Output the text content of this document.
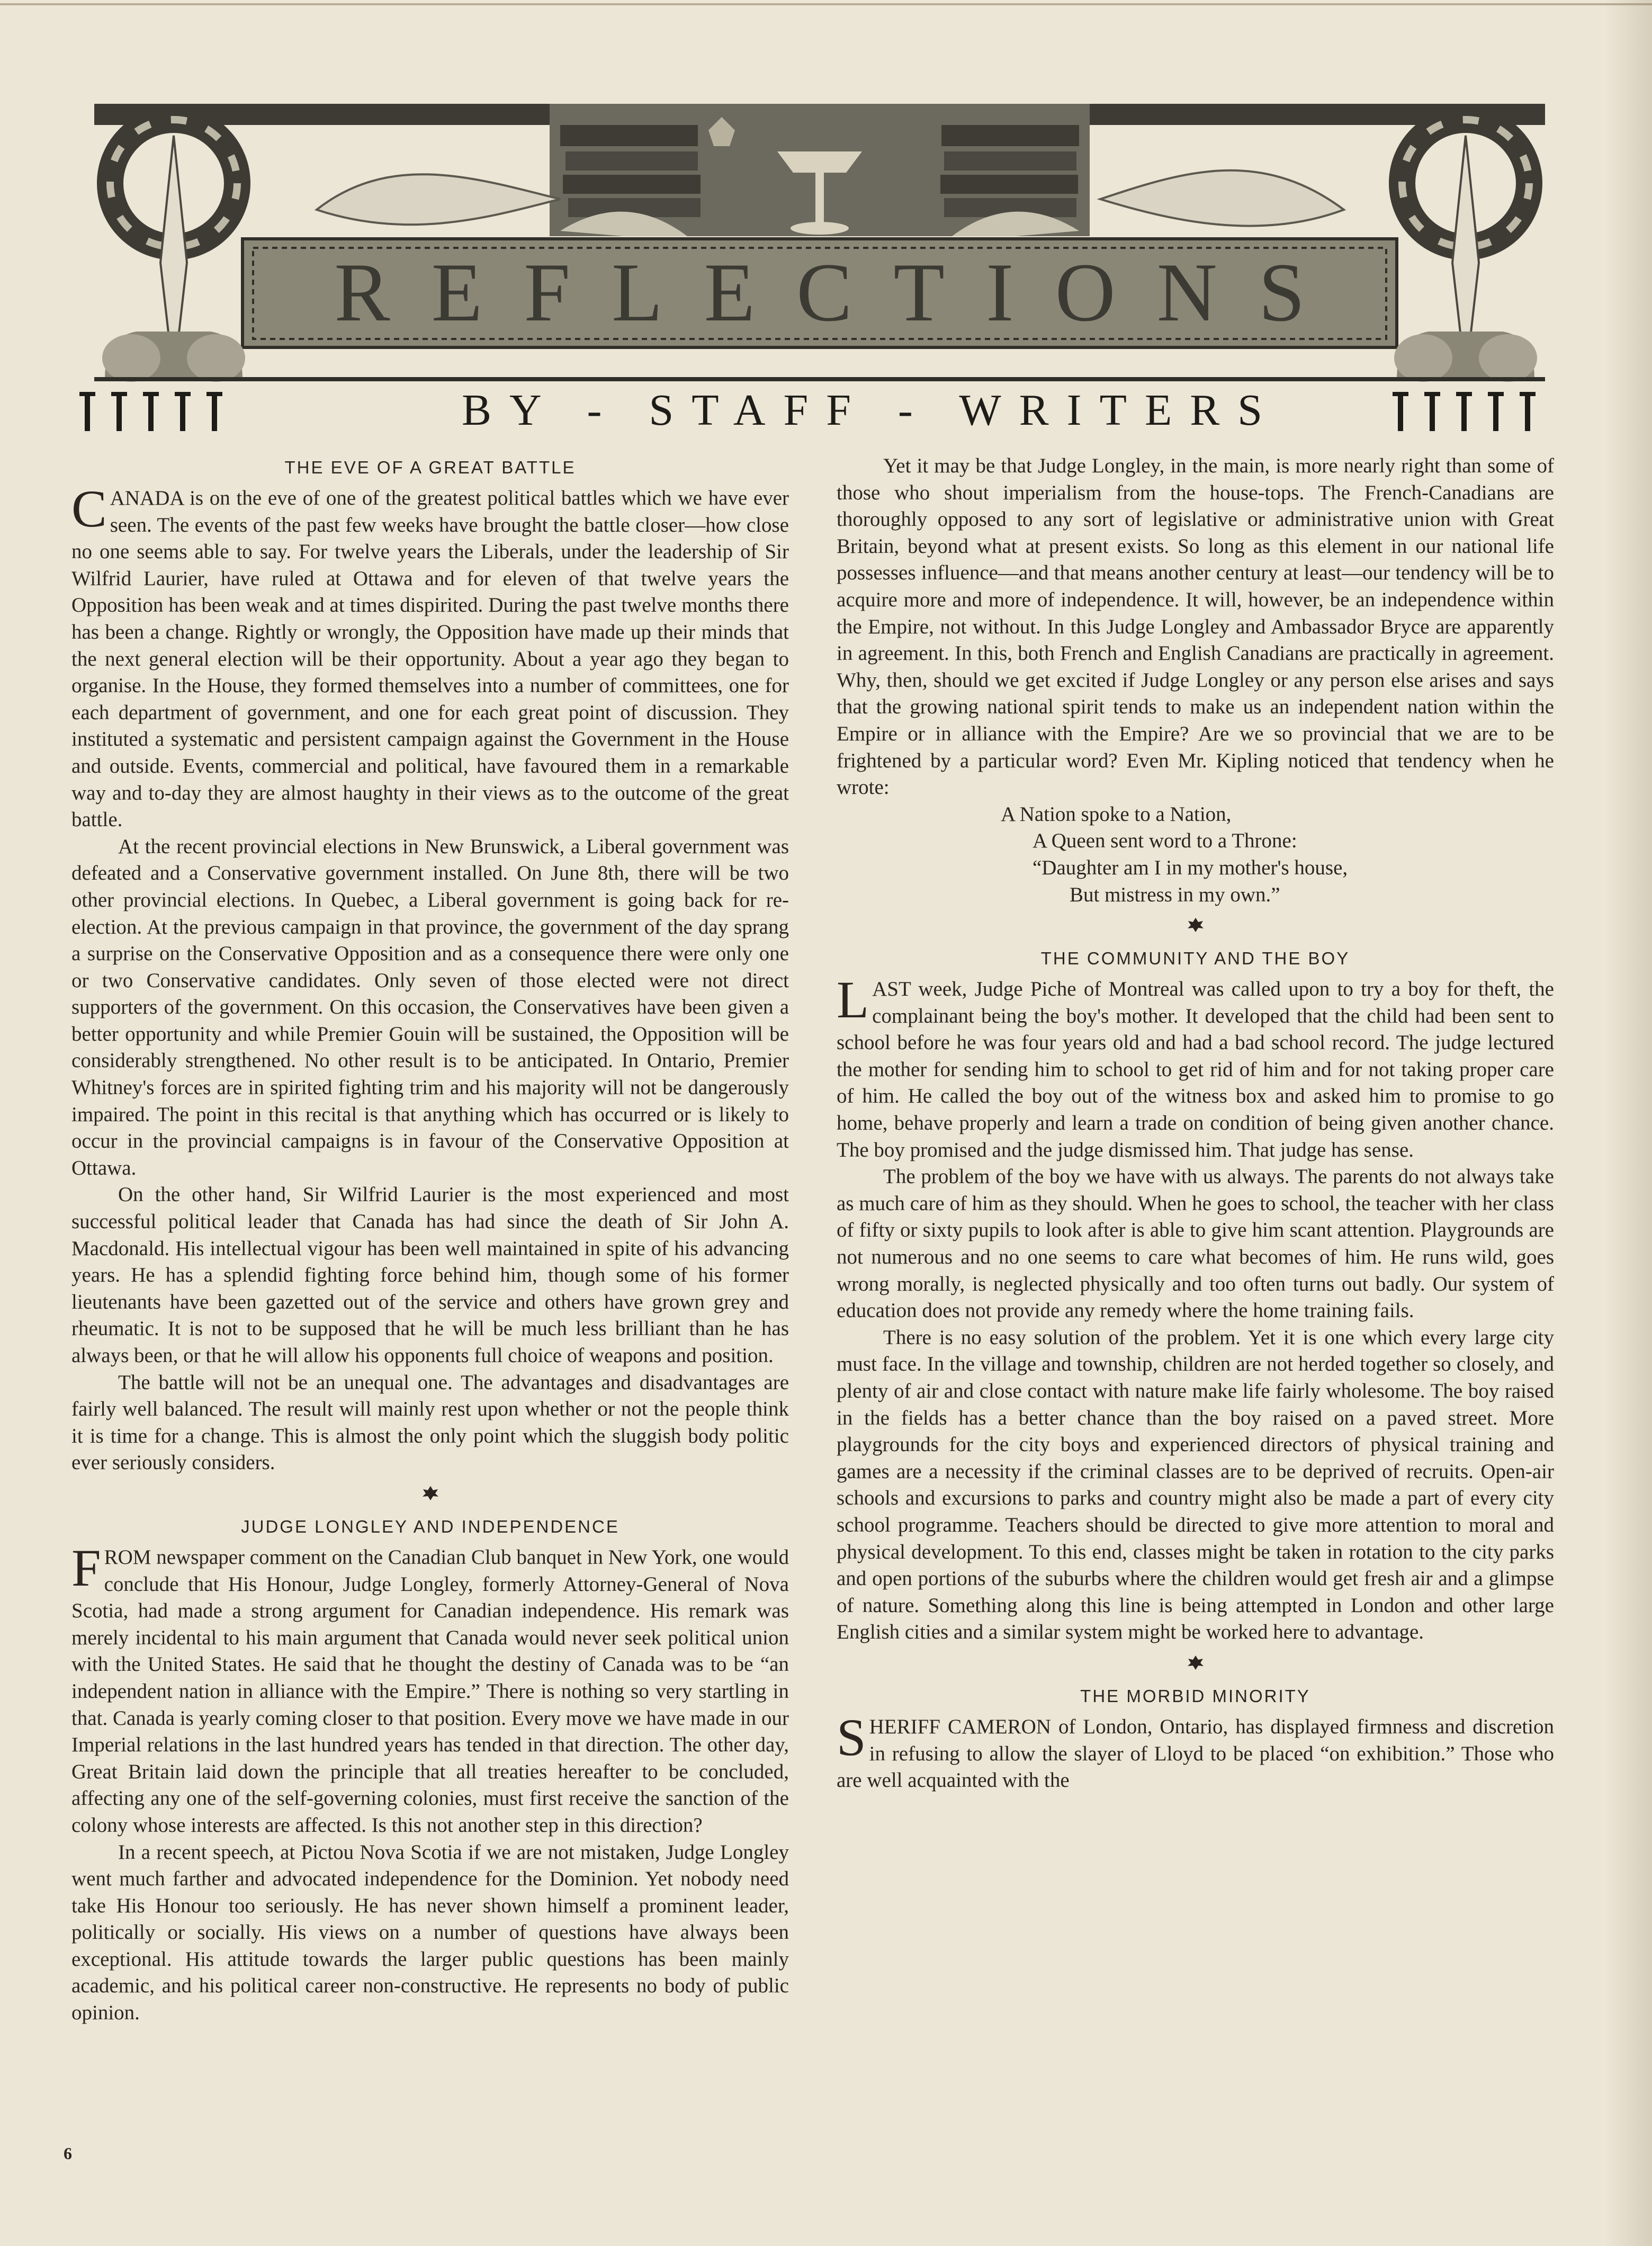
REFLECTIONS
BY - STAFF - WRITERS
THE EVE OF A GREAT BATTLE

CANADA is on the eve of one of the greatest political battles which we have ever seen. The events of the past few weeks have brought the battle closer—how close no one seems able to say. For twelve years the Liberals, under the leadership of Sir Wilfrid Laurier, have ruled at Ottawa and for eleven of that twelve years the Opposition has been weak and at times dispirited. During the past twelve months there has been a change. Rightly or wrongly, the Opposition have made up their minds that the next general election will be their opportunity. About a year ago they began to organise. In the House, they formed themselves into a number of committees, one for each department of government, and one for each great point of discussion. They instituted a systematic and persistent campaign against the Government in the House and outside. Events, commercial and political, have favoured them in a remarkable way and to-day they are almost haughty in their views as to the outcome of the great battle.

At the recent provincial elections in New Brunswick, a Liberal government was defeated and a Conservative government installed. On June 8th, there will be two other provincial elections. In Quebec, a Liberal government is going back for re-election. At the previous campaign in that province, the government of the day sprang a surprise on the Conservative Opposition and as a consequence there were only one or two Conservative candidates. Only seven of those elected were not direct supporters of the government. On this occasion, the Conservatives have been given a better opportunity and while Premier Gouin will be sustained, the Opposition will be considerably strengthened. No other result is to be anticipated. In Ontario, Premier Whitney's forces are in spirited fighting trim and his majority will not be dangerously impaired. The point in this recital is that anything which has occurred or is likely to occur in the provincial campaigns is in favour of the Conservative Opposition at Ottawa.

On the other hand, Sir Wilfrid Laurier is the most experienced and most successful political leader that Canada has had since the death of Sir John A. Macdonald. His intellectual vigour has been well maintained in spite of his advancing years. He has a splendid fighting force behind him, though some of his former lieutenants have been gazetted out of the service and others have grown grey and rheumatic. It is not to be supposed that he will be much less brilliant than he has always been, or that he will allow his opponents full choice of weapons and position.

The battle will not be an unequal one. The advantages and disadvantages are fairly well balanced. The result will mainly rest upon whether or not the people think it is time for a change. This is almost the only point which the sluggish body politic ever seriously considers.

JUDGE LONGLEY AND INDEPENDENCE

FROM newspaper comment on the Canadian Club banquet in New York, one would conclude that His Honour, Judge Longley, formerly Attorney-General of Nova Scotia, had made a strong argument for Canadian independence. His remark was merely incidental to his main argument that Canada would never seek political union with the United States. He said that he thought the destiny of Canada was to be “an independent nation in alliance with the Empire.” There is nothing so very startling in that. Canada is yearly coming closer to that position. Every move we have made in our Imperial relations in the last hundred years has tended in that direction. The other day, Great Britain laid down the principle that all treaties hereafter to be concluded, affecting any one of the self-governing colonies, must first receive the sanction of the colony whose interests are affected. Is this not another step in this direction?

In a recent speech, at Pictou Nova Scotia if we are not mistaken, Judge Longley went much farther and advocated independence for the Dominion. Yet nobody need take His Honour too seriously. He has never shown himself a prominent leader, politically or socially. His views on a number of questions have always been exceptional. His attitude towards the larger public questions has been mainly academic, and his political career non-constructive. He represents no body of public opinion.

Yet it may be that Judge Longley, in the main, is more nearly right than some of those who shout imperialism from the house-tops. The French-Canadians are thoroughly opposed to any sort of legislative or administrative union with Great Britain, beyond what at present exists. So long as this element in our national life possesses influence—and that means another century at least—our tendency will be to acquire more and more of independence. It will, however, be an independence within the Empire, not without. In this Judge Longley and Ambassador Bryce are apparently in agreement. In this, both French and English Canadians are practically in agreement. Why, then, should we get excited if Judge Longley or any person else arises and says that the growing national spirit tends to make us an independent nation within the Empire or in alliance with the Empire? Are we so provincial that we are to be frightened by a particular word? Even Mr. Kipling noticed that tendency when he wrote:

A Nation spoke to a Nation,
A Queen sent word to a Throne:
“Daughter am I in my mother's house,
But mistress in my own.”
THE COMMUNITY AND THE BOY

LAST week, Judge Piche of Montreal was called upon to try a boy for theft, the complainant being the boy's mother. It developed that the child had been sent to school before he was four years old and had a bad school record. The judge lectured the mother for sending him to school to get rid of him and for not taking proper care of him. He called the boy out of the witness box and asked him to promise to go home, behave properly and learn a trade on condition of being given another chance. The boy promised and the judge dismissed him. That judge has sense.

The problem of the boy we have with us always. The parents do not always take as much care of him as they should. When he goes to school, the teacher with her class of fifty or sixty pupils to look after is able to give him scant attention. Playgrounds are not numerous and no one seems to care what becomes of him. He runs wild, goes wrong morally, is neglected physically and too often turns out badly. Our system of education does not provide any remedy where the home training fails.

There is no easy solution of the problem. Yet it is one which every large city must face. In the village and township, children are not herded together so closely, and plenty of air and close contact with nature make life fairly wholesome. The boy raised in the fields has a better chance than the boy raised on a paved street. More playgrounds for the city boys and experienced directors of physical training and games are a necessity if the criminal classes are to be deprived of recruits. Open-air schools and excursions to parks and country might also be made a part of every city school programme. Teachers should be directed to give more attention to moral and physical development. To this end, classes might be taken in rotation to the city parks and open portions of the suburbs where the children would get fresh air and a glimpse of nature. Something along this line is being attempted in London and other large English cities and a similar system might be worked here to advantage.

THE MORBID MINORITY

SHERIFF CAMERON of London, Ontario, has displayed firmness and discretion in refusing to allow the slayer of Lloyd to be placed “on exhibition.” Those who are well acquainted with the

6
